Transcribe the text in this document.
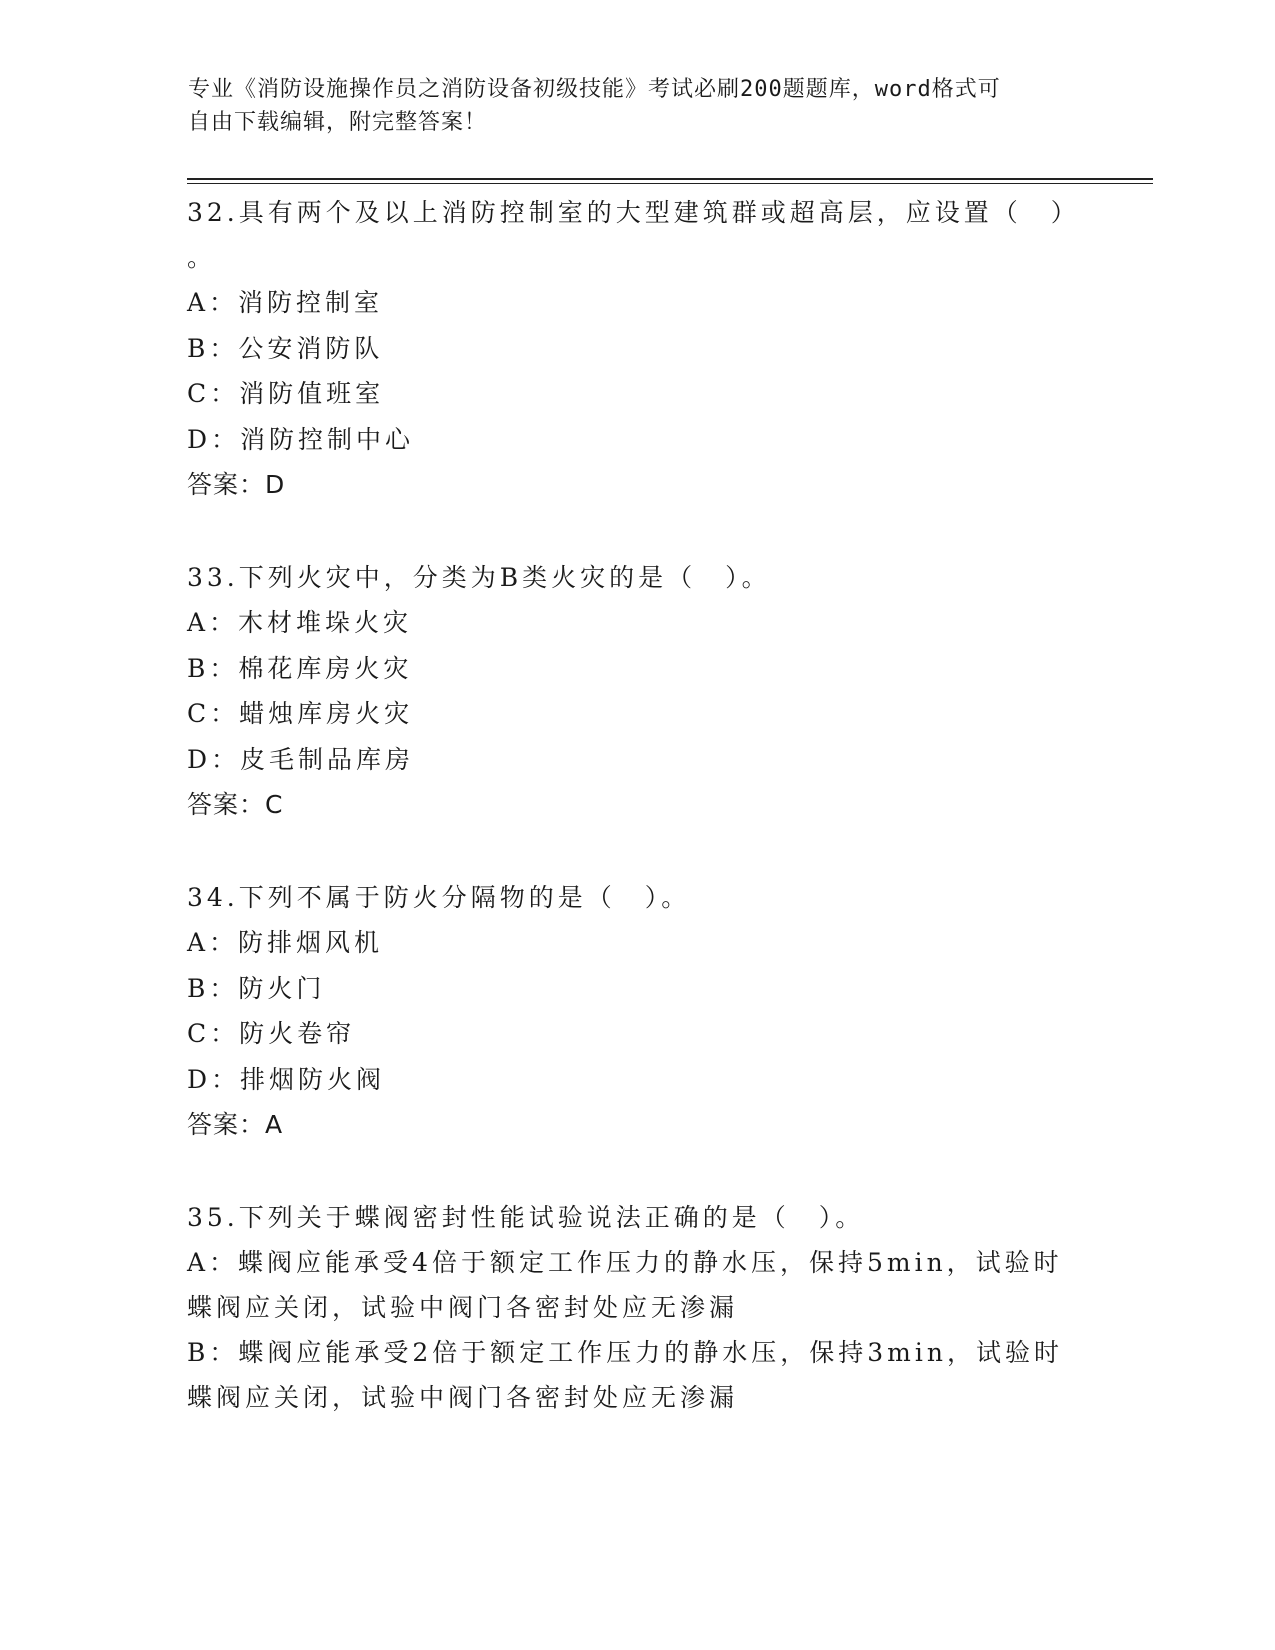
专业《消防设施操作员之消防设备初级技能》考试必刷200题题库，word格式可
自由下载编辑，附完整答案！
32.具有两个及以上消防控制室的大型建筑群或超高层，应设置（　）
。
A：消防控制室
B：公安消防队
C：消防值班室
D：消防控制中心
答案：D
33.下列火灾中，分类为B类火灾的是（　）。
A：木材堆垛火灾
B：棉花库房火灾
C：蜡烛库房火灾
D：皮毛制品库房
答案：C
34.下列不属于防火分隔物的是（　）。
A：防排烟风机
B：防火门
C：防火卷帘
D：排烟防火阀
答案：A
35.下列关于蝶阀密封性能试验说法正确的是（　）。
A：蝶阀应能承受4倍于额定工作压力的静水压，保持5min，试验时蝶阀应关闭，试验中阀门各密封处应无渗漏
B：蝶阀应能承受2倍于额定工作压力的静水压，保持3min，试验时蝶阀应关闭，试验中阀门各密封处应无渗漏
